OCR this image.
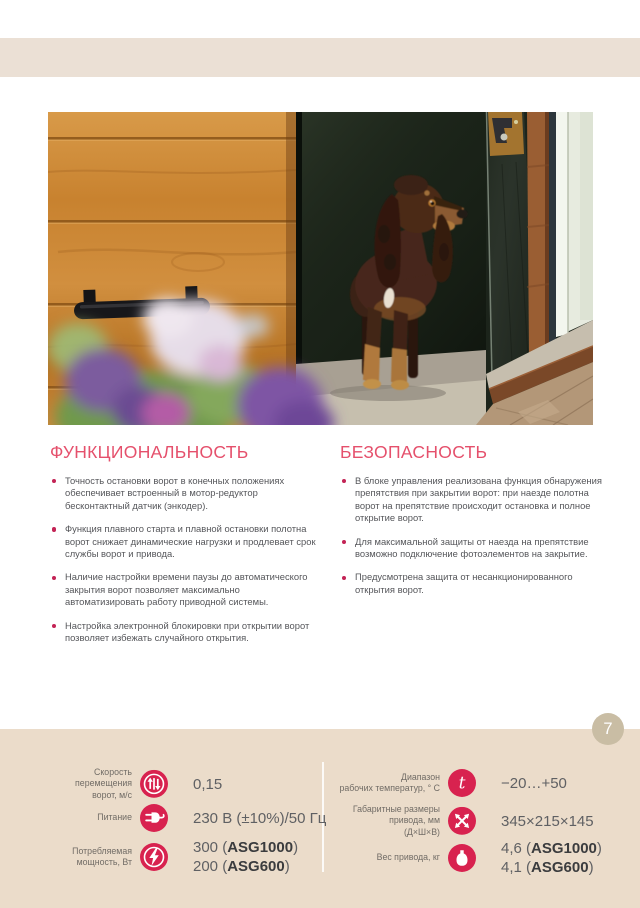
ФУНКЦИОНАЛЬНОСТЬ
Точность остановки ворот в конечных положениях обеспечивает встроенный в мотор-редуктор бесконтактный датчик (энкодер).
Функция плавного старта и плавной остановки полотна ворот снижает динамические нагрузки и продлевает срок службы ворот и привода.
Наличие настройки времени паузы до автоматического закрытия ворот позволяет максимально автоматизировать работу приводной системы.
Настройка электронной блокировки при открытии ворот позволяет избежать случайного открытия.
БЕЗОПАСНОСТЬ
В блоке управления реализована функция обнаружения препятствия при закрытии ворот: при наезде полотна ворот на препятствие происходит остановка и полное открытие ворот.
Для максимальной защиты от наезда на препятствие возможно подключение фотоэлементов на закрытие.
Предусмотрена защита от несанкционированного открытия ворот.
7
Скорость
перемещения
ворот, м/с
0,15
Питание	230 В (±10%)/50 Гц
Потребляемая
мощность, Вт
300 (ASG1000)
200 (ASG600)
Диапазон
рабочих температур, ° C t −20…+50
Габаритные размеры
привода, мм
(Д×Ш×В)
345×215×145
Вес привода, кг
4,6 (ASG1000)
4,1 (ASG600)
